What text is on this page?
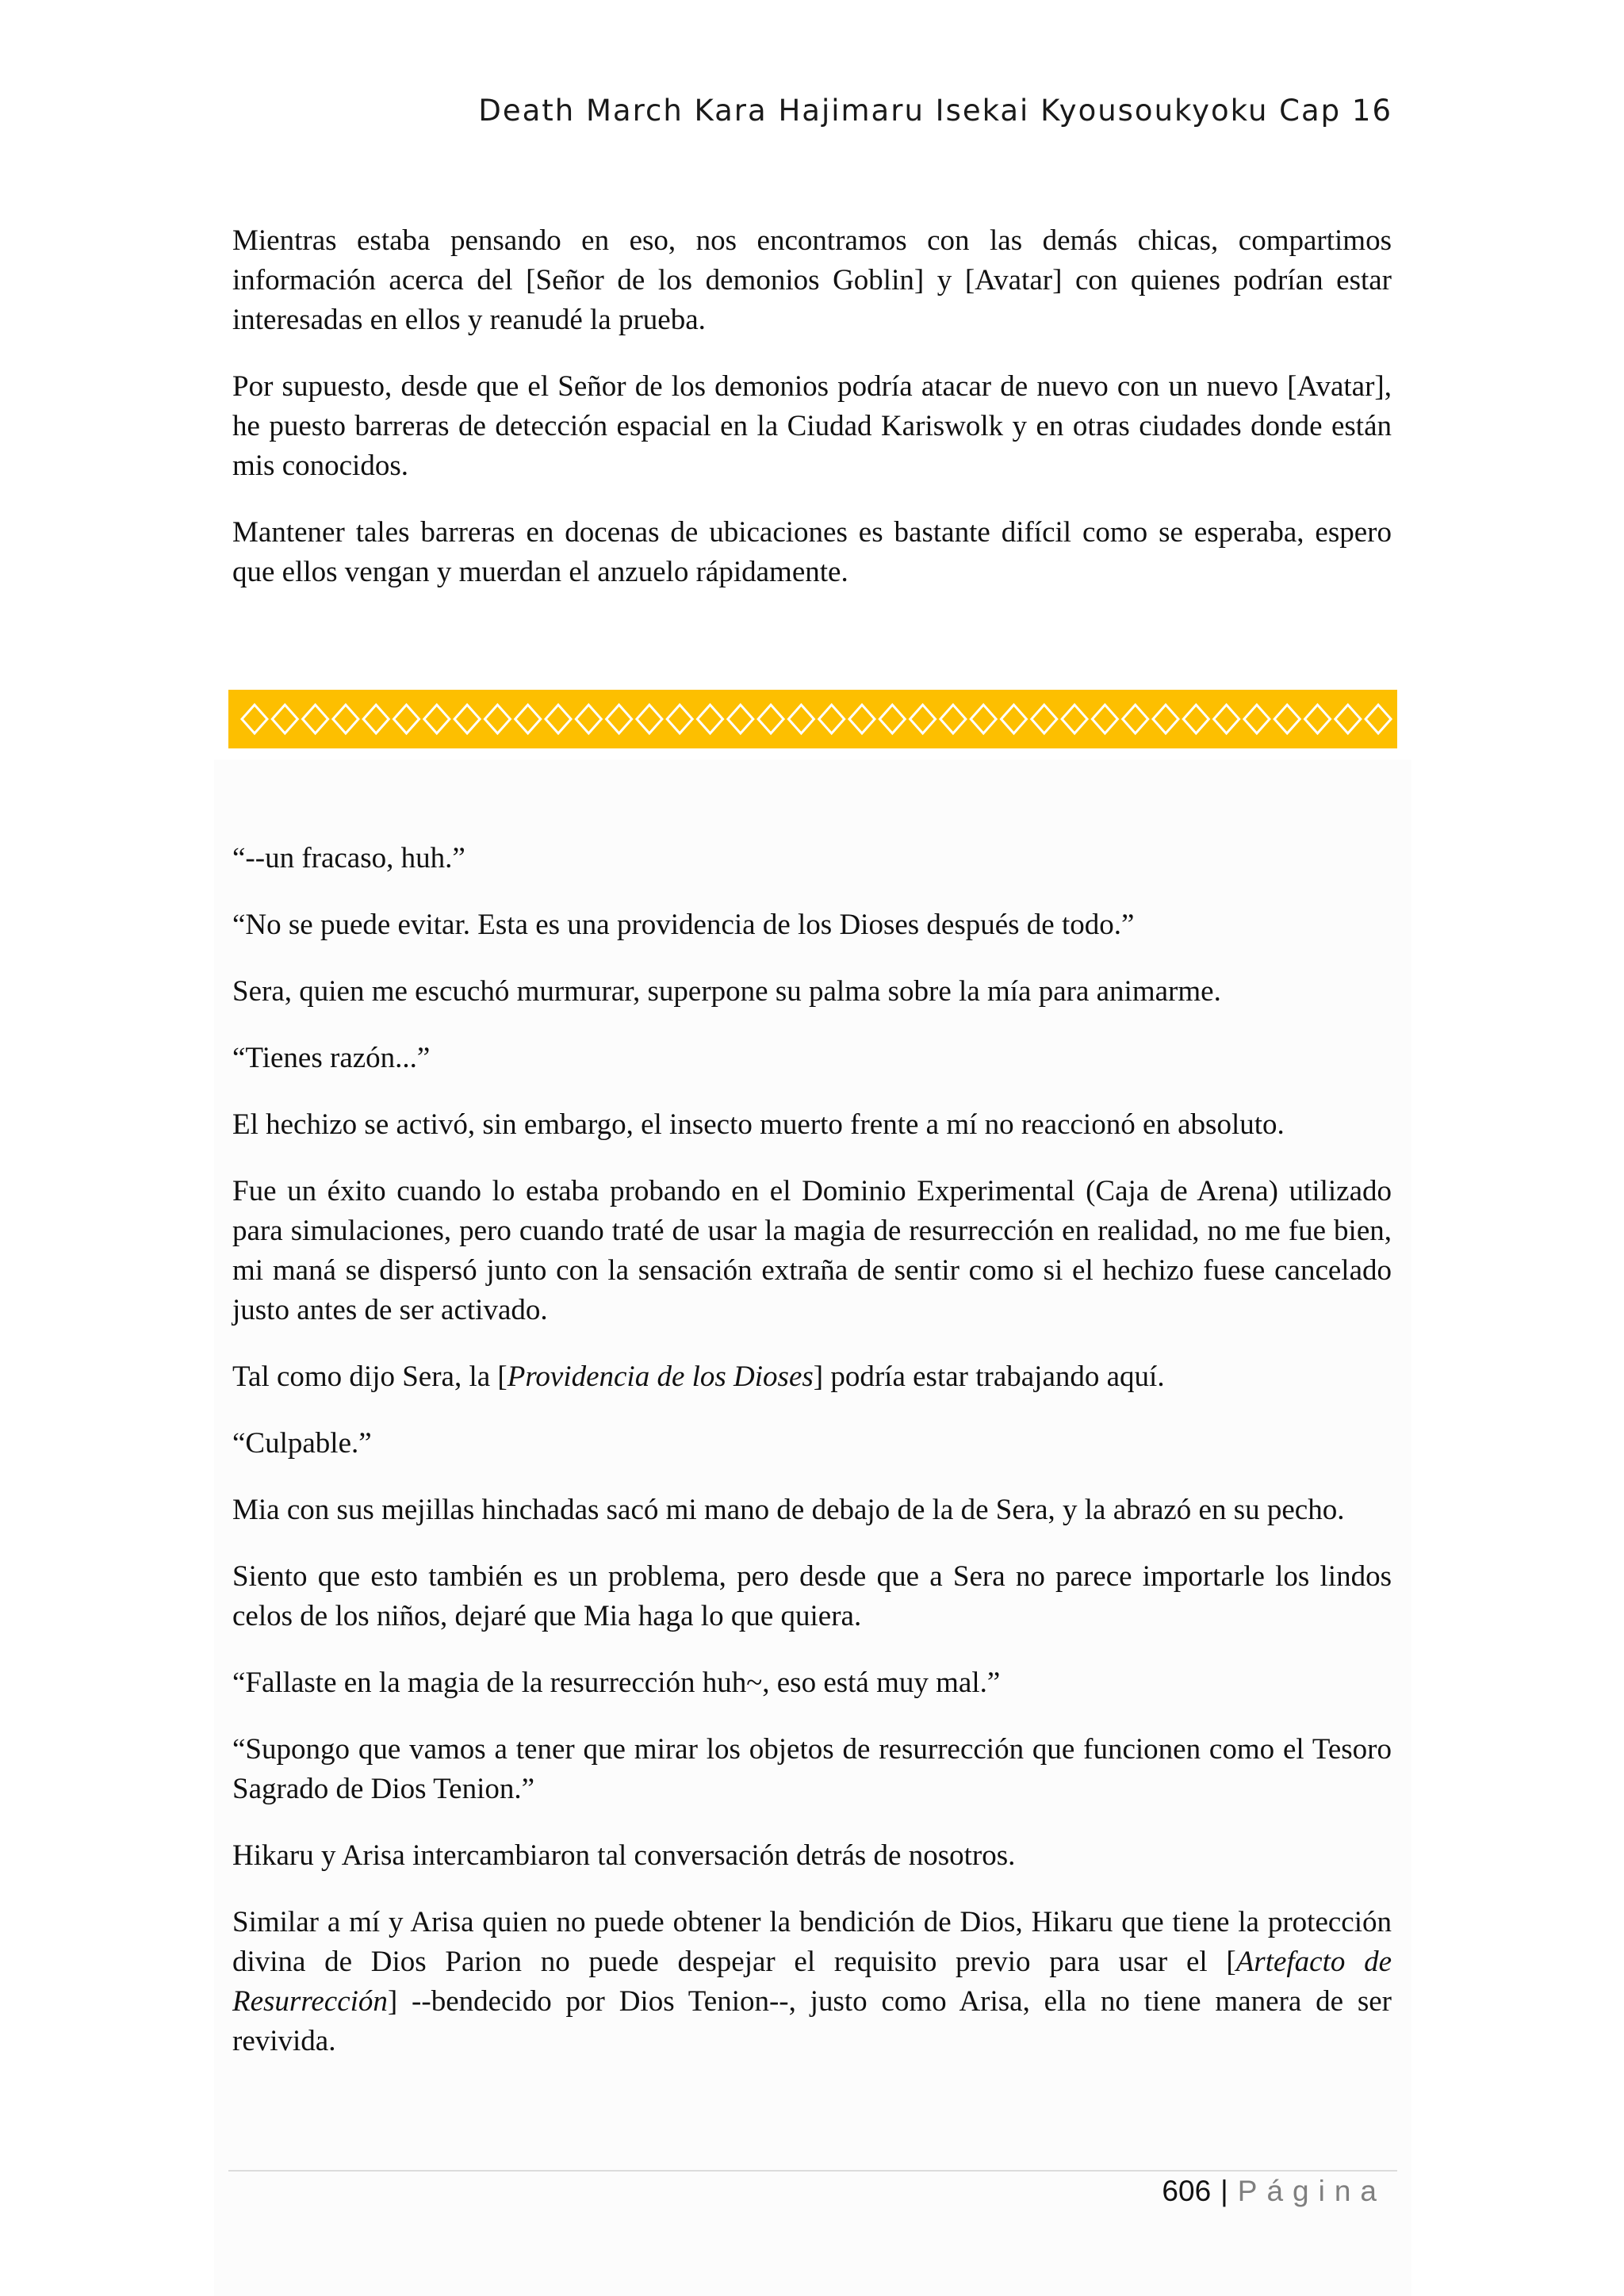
Death March Kara Hajimaru Isekai Kyousoukyoku Cap 16

Mientras estaba pensando en eso, nos encontramos con las demás chicas, compartimos información acerca del [Señor de los demonios Goblin] y [Avatar] con quienes podrían estar interesadas en ellos y reanudé la prueba.

Por supuesto, desde que el Señor de los demonios podría atacar de nuevo con un nuevo [Avatar], he puesto barreras de detección espacial en la Ciudad Kariswolk y en otras ciudades donde están mis conocidos.

Mantener tales barreras en docenas de ubicaciones es bastante difícil como se esperaba, espero que ellos vengan y muerdan el anzuelo rápidamente.

“--un fracaso, huh.”

“No se puede evitar. Esta es una providencia de los Dioses después de todo.”

Sera, quien me escuchó murmurar, superpone su palma sobre la mía para animarme.

“Tienes razón...”

El hechizo se activó, sin embargo, el insecto muerto frente a mí no reaccionó en absoluto.

Fue un éxito cuando lo estaba probando en el Dominio Experimental (Caja de Arena) utilizado para simulaciones, pero cuando traté de usar la magia de resurrección en realidad, no me fue bien, mi maná se dispersó junto con la sensación extraña de sentir como si el hechizo fuese cancelado justo antes de ser activado.

Tal como dijo Sera, la [Providencia de los Dioses] podría estar trabajando aquí.

“Culpable.”

Mia con sus mejillas hinchadas sacó mi mano de debajo de la de Sera, y la abrazó en su pecho.

Siento que esto también es un problema, pero desde que a Sera no parece importarle los lindos celos de los niños, dejaré que Mia haga lo que quiera.

“Fallaste en la magia de la resurrección huh~, eso está muy mal.”

“Supongo que vamos a tener que mirar los objetos de resurrección que funcionen como el Tesoro Sagrado de Dios Tenion.”

Hikaru y Arisa intercambiaron tal conversación detrás de nosotros.

Similar a mí y Arisa quien no puede obtener la bendición de Dios, Hikaru que tiene la protección divina de Dios Parion no puede despejar el requisito previo para usar el [Artefacto de Resurrección] --bendecido por Dios Tenion--, justo como Arisa, ella no tiene manera de ser revivida.

606 | Página
